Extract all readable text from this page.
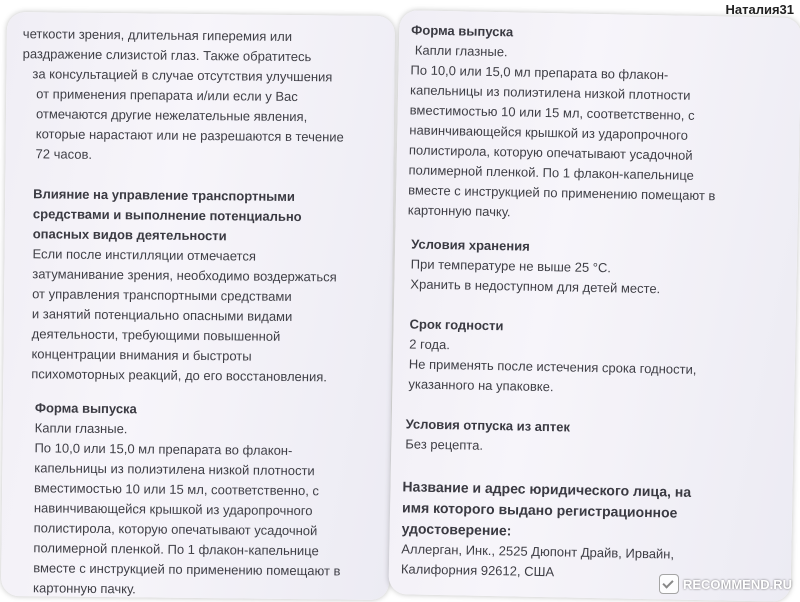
Наталия31

четкости зрения, длительная гиперемия или

раздражение слизистой глаз. Также обратитесь

за консультацией в случае отсутствия улучшения

от применения препарата и/или если у Вас

отмечаются другие нежелательные явления,

которые нарастают или не разрешаются в течение

72 часов.

Влияние на управление транспортными

средствами и выполнение потенциально

опасных видов деятельности

Если после инстилляции отмечается

затуманивание зрения, необходимо воздержаться

от управления транспортными средствами

и занятий потенциально опасными видами

деятельности, требующими повышенной

концентрации внимания и быстроты

психомоторных реакций, до его восстановления.

Форма выпуска

Капли глазные.

По 10,0 или 15,0 мл препарата во флакон-

капельницы из полиэтилена низкой плотности

вместимостью 10 или 15 мл, соответственно, с

навинчивающейся крышкой из ударопрочного

полистирола, которую опечатывают усадочной

полимерной пленкой. По 1 флакон-капельнице

вместе с инструкцией по применению помещают в

картонную пачку.

Форма выпуска

Капли глазные.

По 10,0 или 15,0 мл препарата во флакон-

капельницы из полиэтилена низкой плотности

вместимостью 10 или 15 мл, соответственно, с

навинчивающейся крышкой из ударопрочного

полистирола, которую опечатывают усадочной

полимерной пленкой. По 1 флакон-капельнице

вместе с инструкцией по применению помещают в

картонную пачку.

Условия хранения

При температуре не выше 25 °С.

Хранить в недоступном для детей месте.

Срок годности

2 года.

Не применять после истечения срока годности,

указанного на упаковке.

Условия отпуска из аптек

Без рецепта.

Название и адрес юридического лица, на

имя которого выдано регистрационное

удостоверение:

Аллерган, Инк., 2525 Дюпонт Драйв, Ирвайн,

Калифорния 92612, США

RECOMMEND.RU
